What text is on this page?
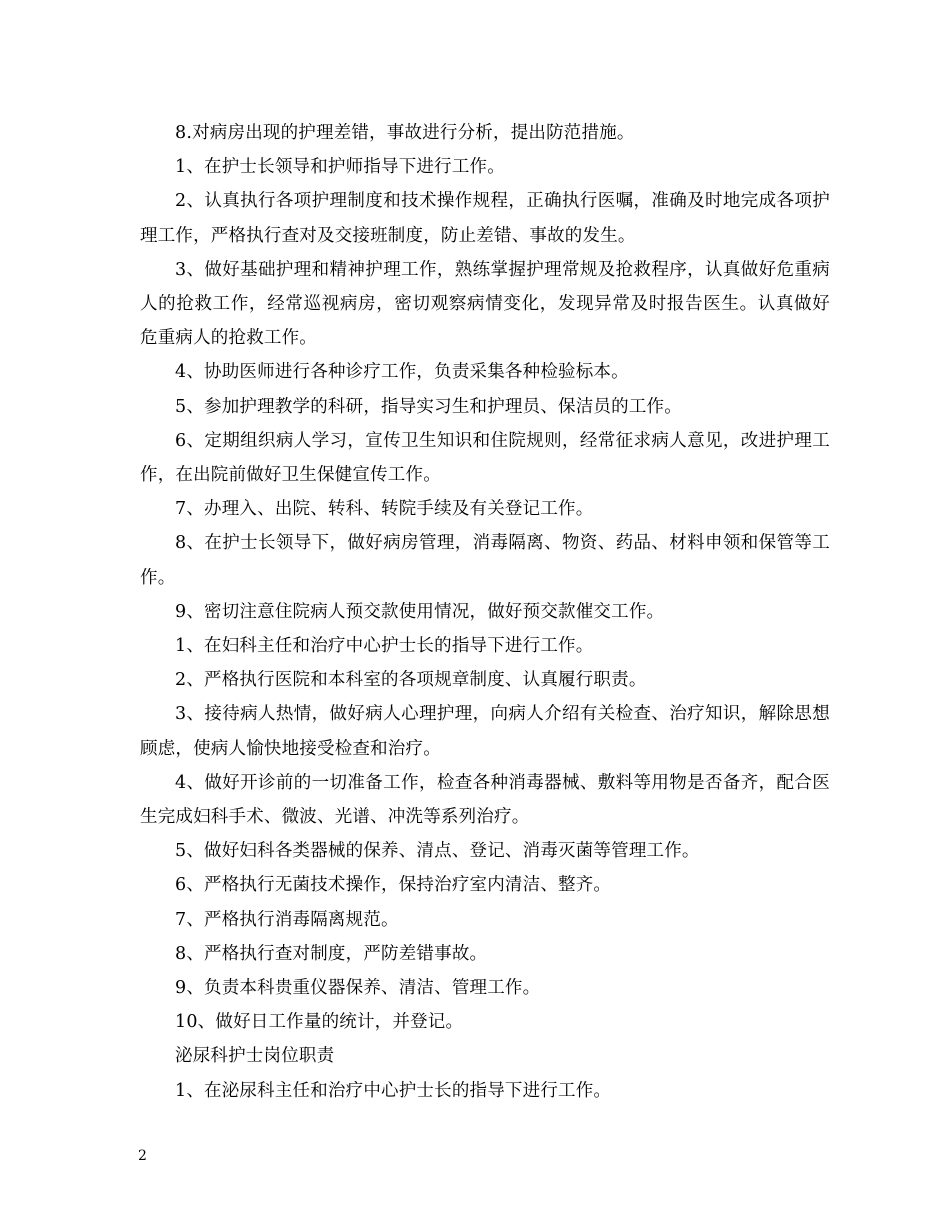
8.对病房出现的护理差错，事故进行分析，提出防范措施。

1、在护士长领导和护师指导下进行工作。

2、认真执行各项护理制度和技术操作规程，正确执行医嘱，准确及时地完成各项护理工作，严格执行查对及交接班制度，防止差错、事故的发生。

3、做好基础护理和精神护理工作，熟练掌握护理常规及抢救程序，认真做好危重病人的抢救工作，经常巡视病房，密切观察病情变化，发现异常及时报告医生。认真做好危重病人的抢救工作。

4、协助医师进行各种诊疗工作，负责采集各种检验标本。

5、参加护理教学的科研，指导实习生和护理员、保洁员的工作。

6、定期组织病人学习，宣传卫生知识和住院规则，经常征求病人意见，改进护理工作，在出院前做好卫生保健宣传工作。

7、办理入、出院、转科、转院手续及有关登记工作。

8、在护士长领导下，做好病房管理，消毒隔离、物资、药品、材料申领和保管等工作。

9、密切注意住院病人预交款使用情况，做好预交款催交工作。

1、在妇科主任和治疗中心护士长的指导下进行工作。

2、严格执行医院和本科室的各项规章制度、认真履行职责。

3、接待病人热情，做好病人心理护理，向病人介绍有关检查、治疗知识，解除思想顾虑，使病人愉快地接受检查和治疗。

4、做好开诊前的一切准备工作，检查各种消毒器械、敷料等用物是否备齐，配合医生完成妇科手术、微波、光谱、冲洗等系列治疗。

5、做好妇科各类器械的保养、清点、登记、消毒灭菌等管理工作。

6、严格执行无菌技术操作，保持治疗室内清洁、整齐。

7、严格执行消毒隔离规范。

8、严格执行查对制度，严防差错事故。

9、负责本科贵重仪器保养、清洁、管理工作。

10、做好日工作量的统计，并登记。

泌尿科护士岗位职责

1、在泌尿科主任和治疗中心护士长的指导下进行工作。

2
